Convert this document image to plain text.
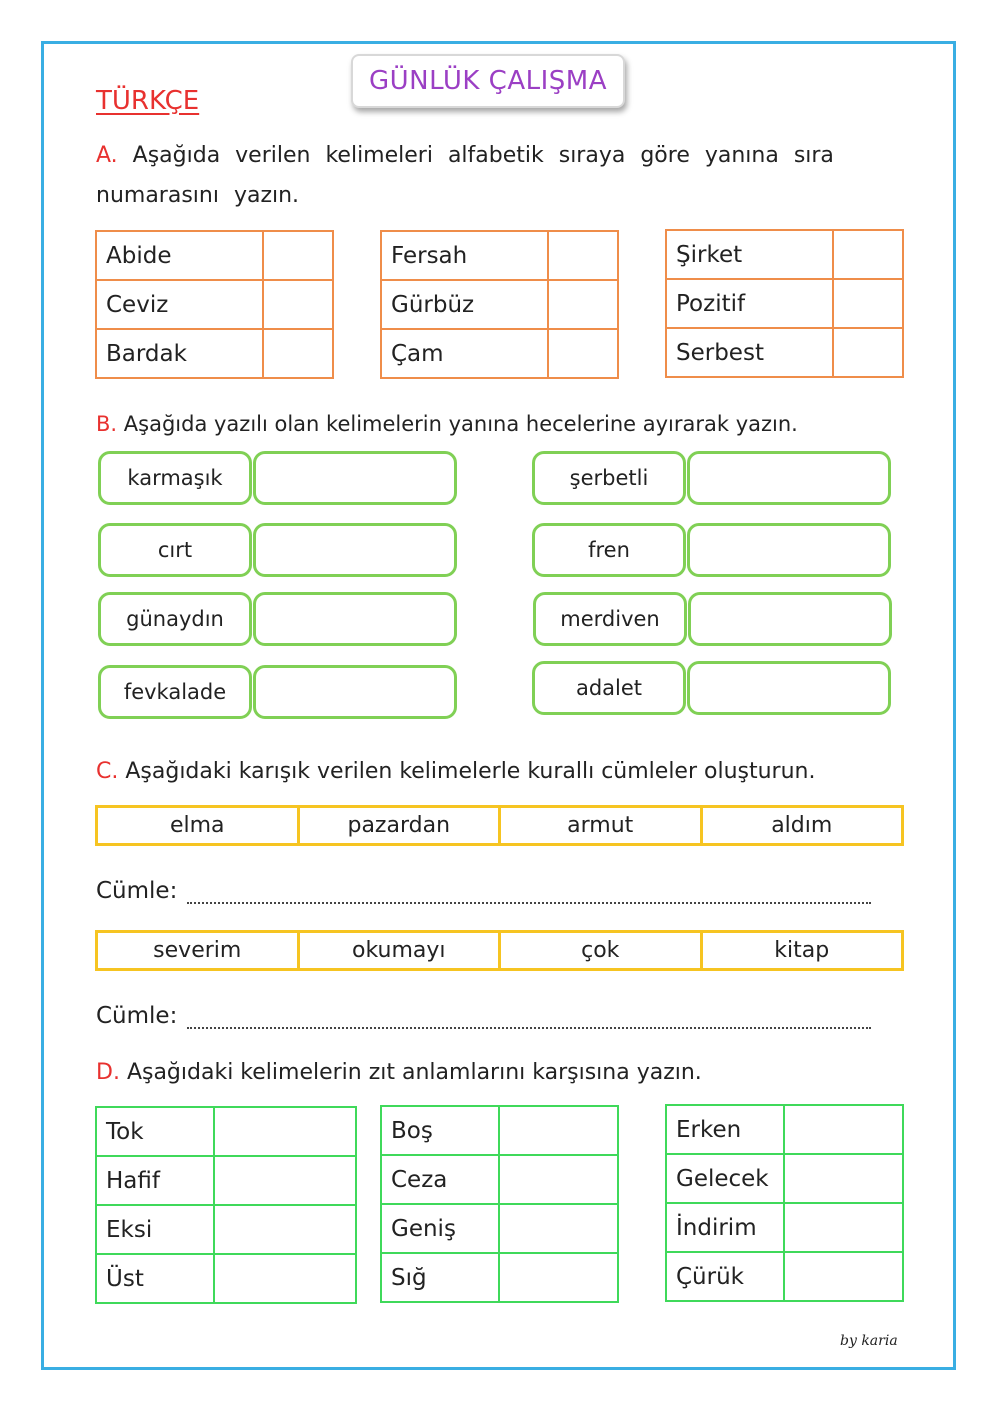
GÜNLÜK ÇALIŞMA
TÜRKÇE
A. Aşağıda verilen kelimeleri alfabetik sıraya göre yanına sıra numarasını yazın.
Abide	
Ceviz	
Bardak	
Fersah	
Gürbüz	
Çam	
Şirket	
Pozitif	
Serbest	
B. Aşağıda yazılı olan kelimelerin yanına hecelerine ayırarak yazın.
karmaşık
cırt
günaydın
fevkalade
şerbetli
fren
merdiven
adalet
C. Aşağıdaki karışık verilen kelimelerle kurallı cümleler oluşturun.
elma	pazardan	armut	aldım
Cümle:
severim	okumayı	çok	kitap
Cümle:
D. Aşağıdaki kelimelerin zıt anlamlarını karşısına yazın.
Tok	
Hafif	
Eksi	
Üst	
Boş	
Ceza	
Geniş	
Sığ	
Erken	
Gelecek	
İndirim	
Çürük	
by karia
